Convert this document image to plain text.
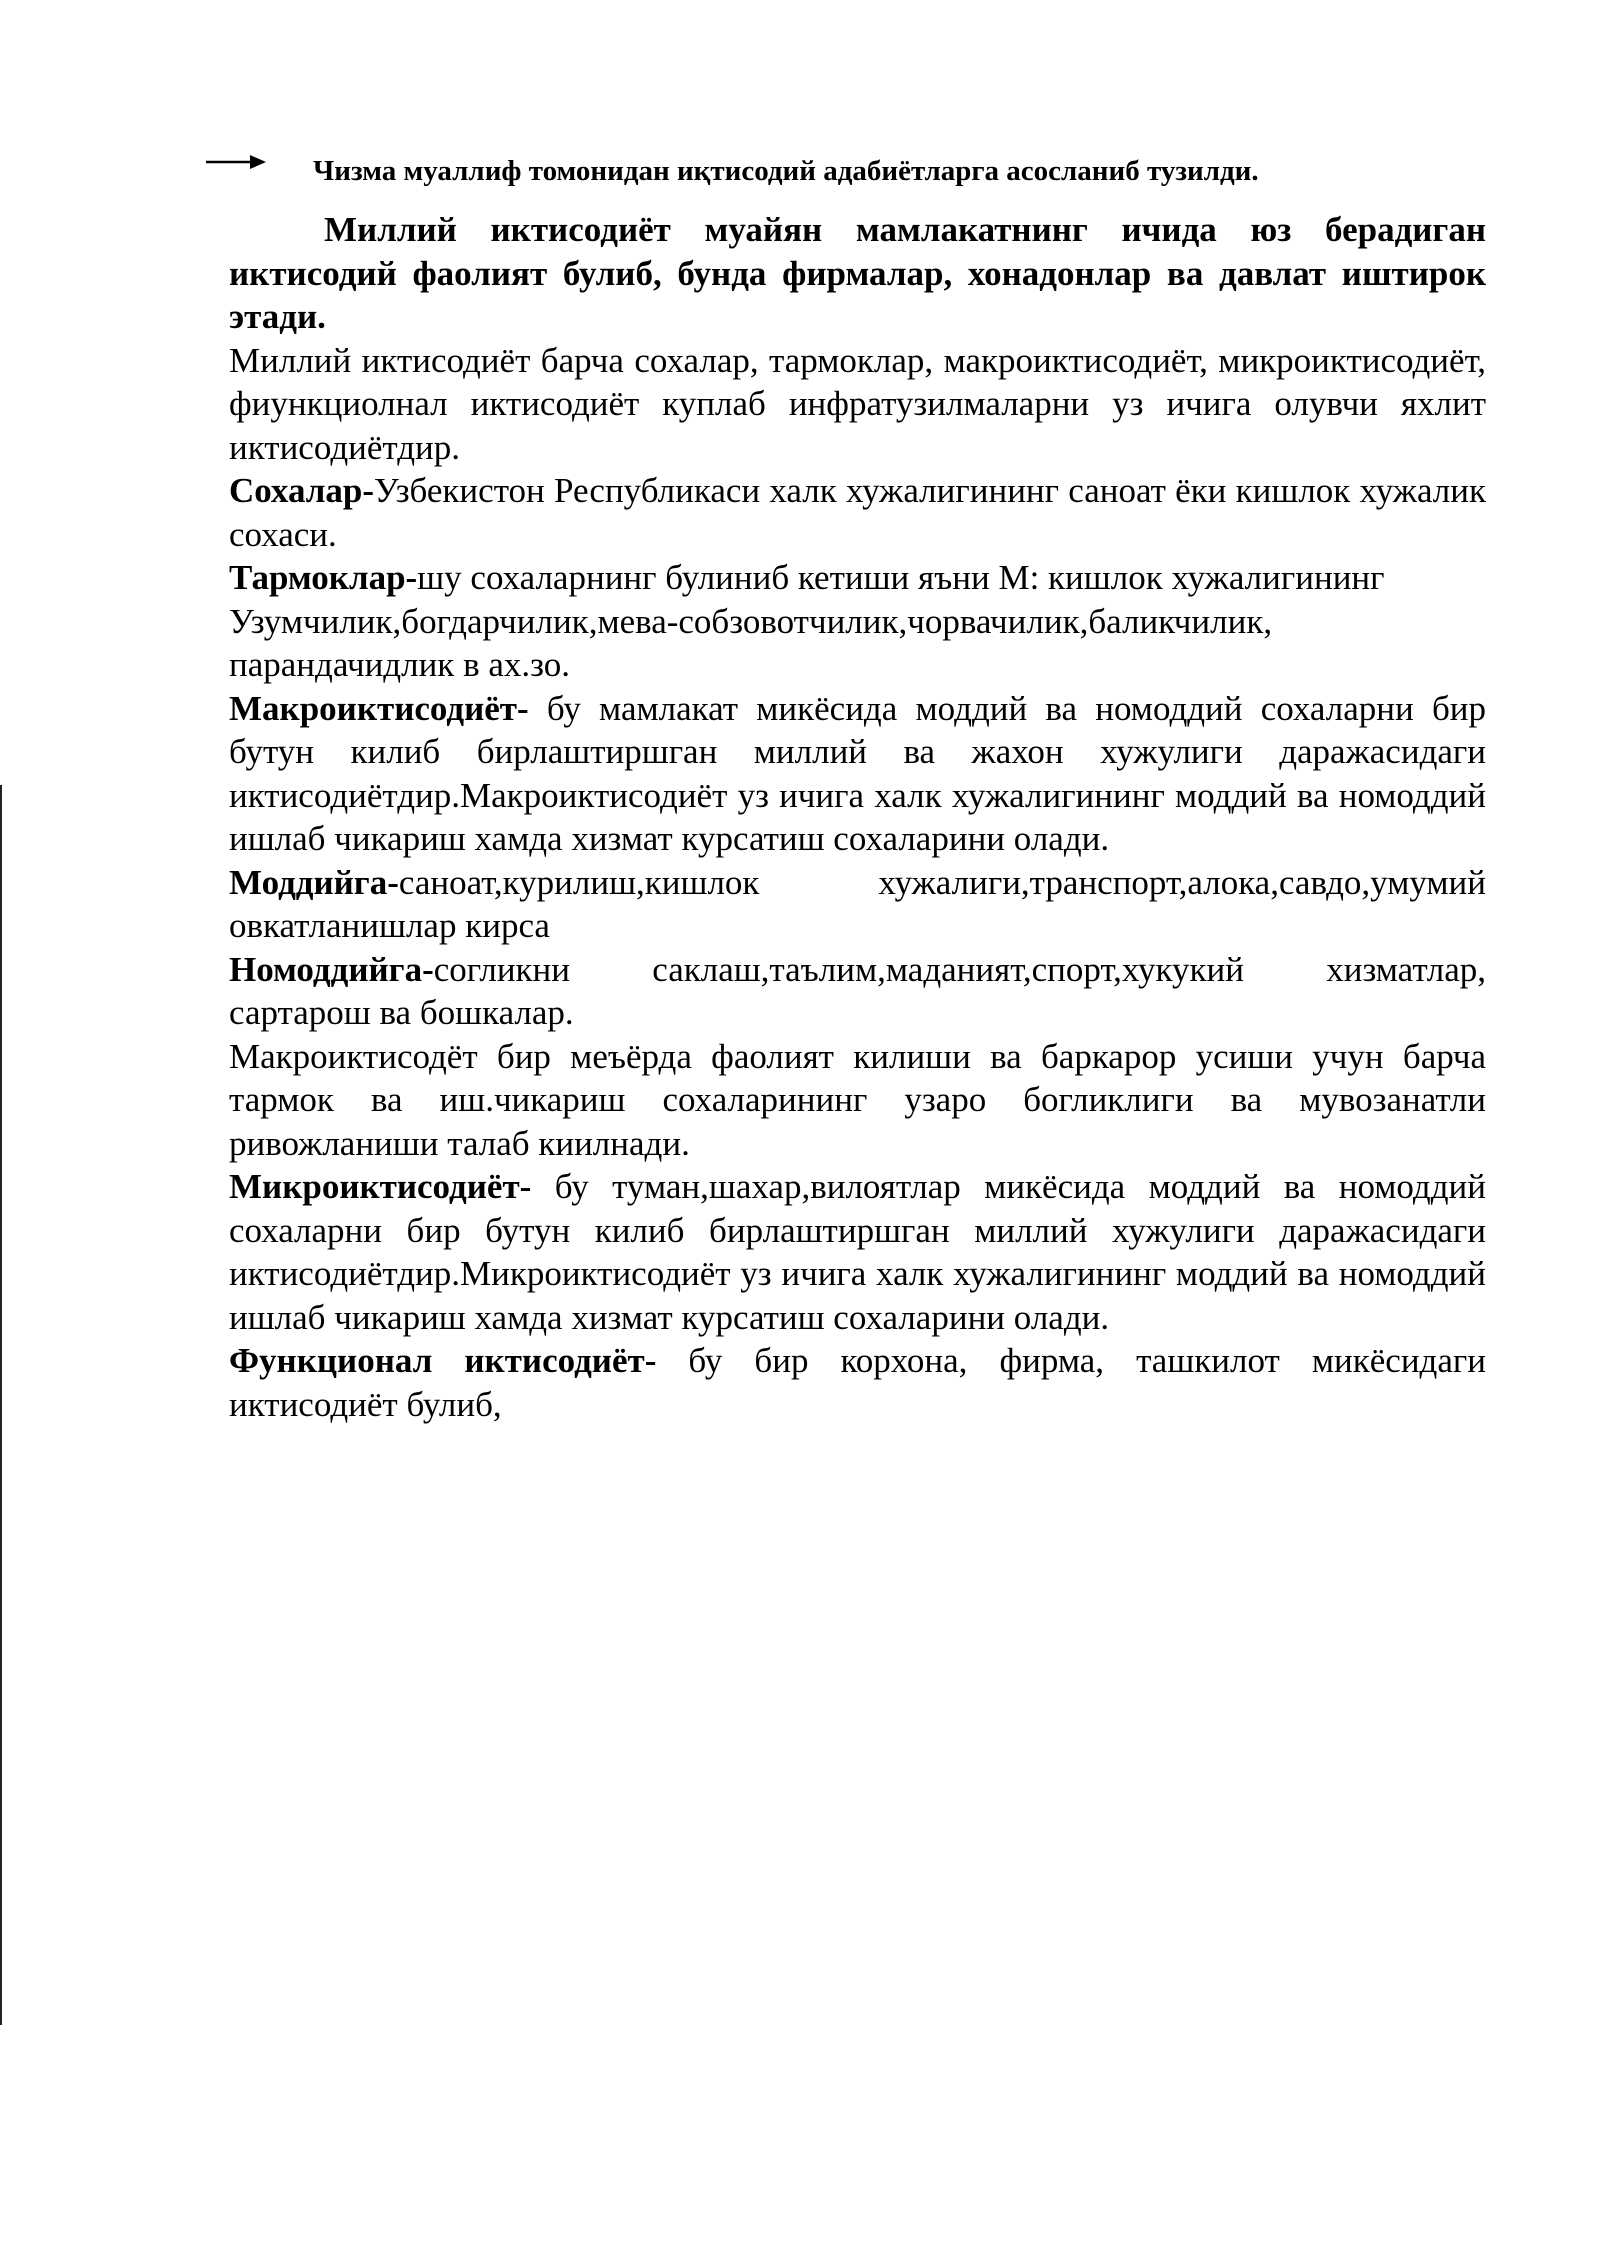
Чизма муаллиф томонидан иқтисодий адабиётларга асосланиб тузилди.

Миллий иктисодиёт муайян мамлакатнинг ичида юз берадиган иктисодий фаолият булиб, бунда фирмалар, хонадонлар ва давлат иштирок этади.

Миллий иктисодиёт барча сохалар, тармоклар, макроиктисодиёт, микроиктисодиёт, фиункциолнал иктисодиёт куплаб инфратузилмаларни уз ичига олувчи яхлит иктисодиётдир.

Сохалар-Узбекистон Республикаси халк хужалигининг саноат ёки кишлок хужалик сохаси.

Тармоклар-шу сохаларнинг булиниб кетиши яъни М: кишлок хужалигининг

Узумчилик,богдарчилик,мева-собзовотчилик,чорвачилик,баликчилик, парандачидлик в ах.зо.

Макроиктисодиёт- бу мамлакат микёсида моддий ва номоддий сохаларни бир бутун килиб бирлаштиршган миллий ва жахон хужулиги даражасидаги иктисодиётдир.Макроиктисодиёт уз ичига халк хужалигининг моддий ва номоддий ишлаб чикариш хамда хизмат курсатиш сохаларини олади.

Моддийга-саноат,курилиш,кишлок хужалиги,транспорт,алока,савдо,умумий овкатланишлар кирса

Номоддийга-согликни саклаш,таълим,маданият,спорт,хукукий хизматлар, сартарош ва бошкалар.

Макроиктисодёт бир меъёрда фаолият килиши ва баркарор усиши учун барча тармок ва иш.чикариш сохаларининг узаро богликлиги ва мувозанатли ривожланиши талаб киилнади.

Микроиктисодиёт- бу туман,шахар,вилоятлар микёсида моддий ва номоддий сохаларни бир бутун килиб бирлаштиршган миллий хужулиги даражасидаги иктисодиётдир.Микроиктисодиёт уз ичига халк хужалигининг моддий ва номоддий ишлаб чикариш хамда хизмат курсатиш сохаларини олади.

Функционал иктисодиёт- бу бир корхона, фирма, ташкилот микёсидаги иктисодиёт булиб,
